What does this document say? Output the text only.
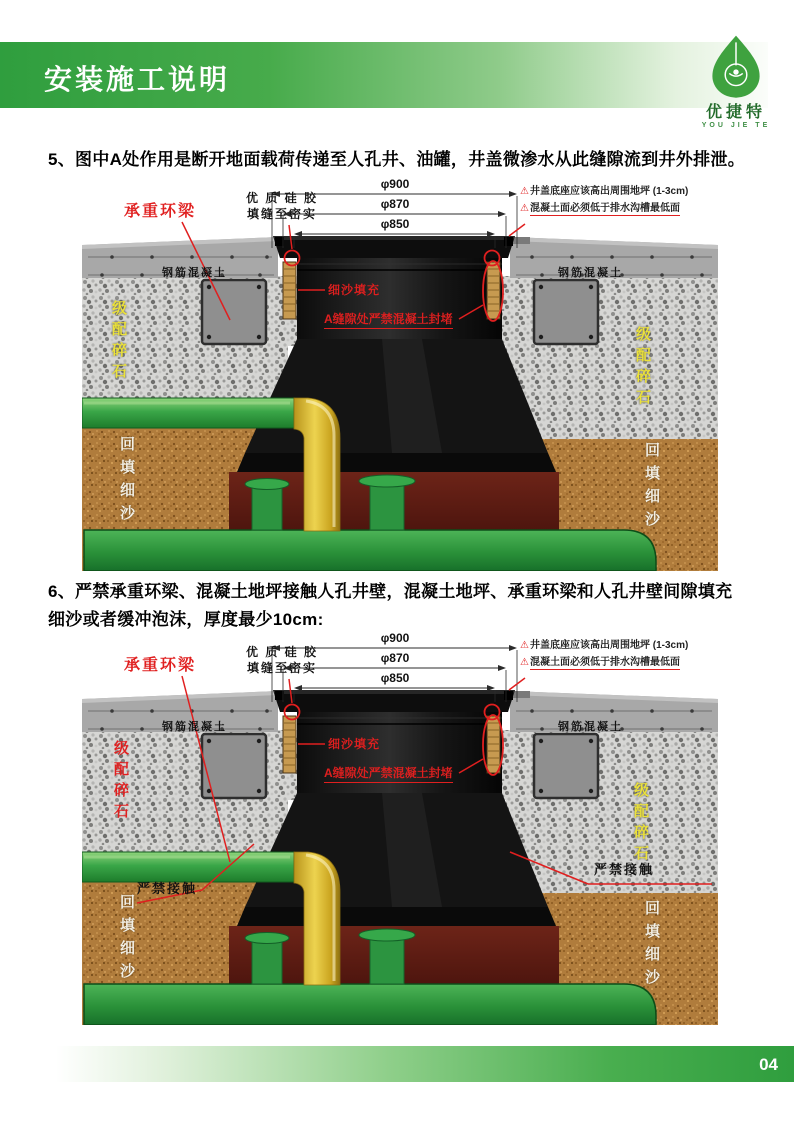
安装施工说明
优捷特
YOU JIE TE
5、图中A处作用是断开地面载荷传递至人孔井、油罐，井盖微渗水从此缝隙流到井外排泄。
φ900
φ870
φ850
承重环梁
优 质 硅 胶
填缝至密实
⚠井盖底座应该高出周围地坪 (1-3cm)
⚠混凝土面必须低于排水沟槽最低面
细沙填充
A缝隙处严禁混凝土封堵
钢筋混凝土	钢筋混凝土
级配碎石	级配碎石
回填细沙	回填细沙
6、严禁承重环梁、混凝土地坪接触人孔井壁，混凝土地坪、承重环梁和人孔井壁间隙填充
细沙或者缓冲泡沫，厚度最少10cm:
φ900
φ870
φ850
承重环梁
优 质 硅 胶
填缝至密实
⚠井盖底座应该高出周围地坪 (1-3cm)
⚠混凝土面必须低于排水沟槽最低面
细沙填充
A缝隙处严禁混凝土封堵
钢筋混凝土	钢筋混凝土
级配碎石	级配碎石
回填细沙	回填细沙
严禁接触
严禁接触
04
